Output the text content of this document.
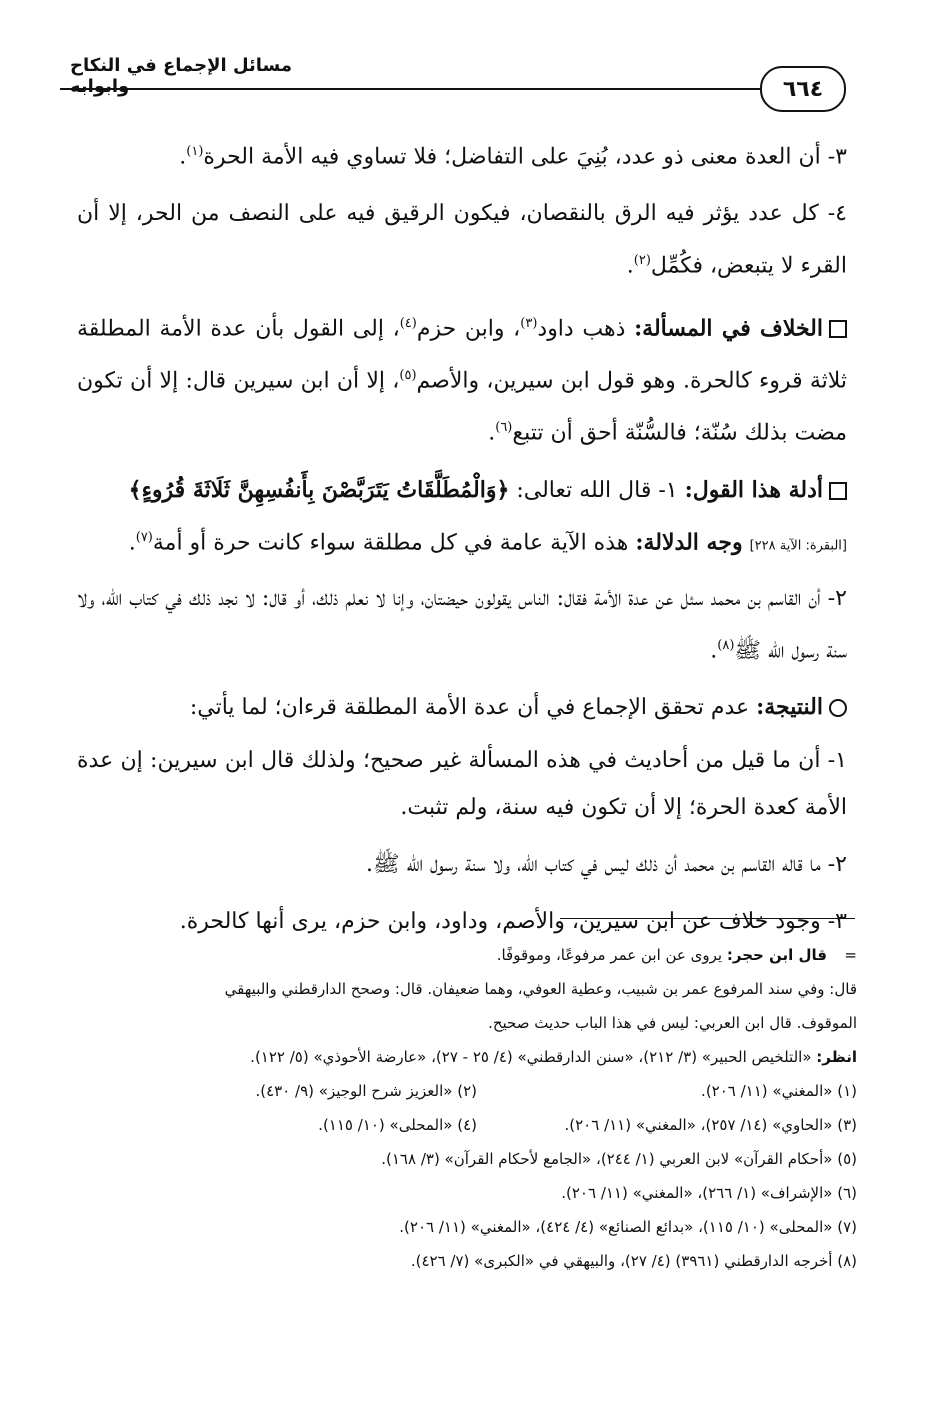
مسائل الإجماع في النكاح وابوابه	٦٦٤

٣- أن العدة معنى ذو عدد، بُنِيَ على التفاضل؛ فلا تساوي فيه الأمة الحرة$^{(١)}$.

٤- كل عدد يؤثر فيه الرق بالنقصان، فيكون الرقيق فيه على النصف من الحر، إلا أن القرء لا يتبعض، فكُمِّل$^{(٢)}$.

الخلاف في المسألة: ذهب داود$^{(٣)}$، وابن حزم$^{(٤)}$، إلى القول بأن عدة الأمة المطلقة ثلاثة قروء كالحرة. وهو قول ابن سيرين، والأصم$^{(٥)}$، إلا أن ابن سيرين قال: إلا أن تكون مضت بذلك سُنّة؛ فالسُّنّة أحق أن تتبع$^{(٦)}$.

أدلة هذا القول: ١- قال الله تعالى: ﴿وَالْمُطَلَّقَاتُ يَتَرَبَّصْنَ بِأَنفُسِهِنَّ ثَلَاثَةَ قُرُوءٍ﴾
[البقرة: الآية ٢٢٨] وجه الدلالة: هذه الآية عامة في كل مطلقة سواء كانت حرة أو أمة$^{(٧)}$.

٢- أن القاسم بن محمد سئل عن عدة الأمة فقال: الناس يقولون حيضتان، وإنا لا نعلم ذلك، أو قال: لا نجد ذلك في كتاب الله، ولا سنة رسول الله ﷺ$^{(٨)}$.

النتيجة: عدم تحقق الإجماع في أن عدة الأمة المطلقة قرءان؛ لما يأتي:

١- أن ما قيل من أحاديث في هذه المسألة غير صحيح؛ ولذلك قال ابن سيرين: إن عدة الأمة كعدة الحرة؛ إلا أن تكون فيه سنة، ولم تثبت.

٢- ما قاله القاسم بن محمد أن ذلك ليس في كتاب الله، ولا سنة رسول الله ﷺ.

٣- وجود خلاف عن ابن سيرين، والأصم، وداود، وابن حزم، يرى أنها كالحرة.

=قال ابن حجر: يروى عن ابن عمر مرفوعًا، وموقوفًا.

قال: وفي سند المرفوع عمر بن شبيب، وعطية العوفي، وهما ضعيفان. قال: وصحح الدارقطني والبيهقي

الموقوف. قال ابن العربي: ليس في هذا الباب حديث صحيح.

انظر: «التلخيص الحبير» (٣/ ٢١٢)، «سنن الدارقطني» (٤/ ٢٥ - ٢٧)، «عارضة الأحوذي» (٥/ ١٢٢).

(١) «المغني» (١١/ ٢٠٦).
(٢) «العزيز شرح الوجيز» (٩/ ٤٣٠).
(٣) «الحاوي» (١٤/ ٢٥٧)، «المغني» (١١/ ٢٠٦).
(٤) «المحلى» (١٠/ ١١٥).

(٥) «أحكام القرآن» لابن العربي (١/ ٢٤٤)، «الجامع لأحكام القرآن» (٣/ ١٦٨).

(٦) «الإشراف» (١/ ٢٦٦)، «المغني» (١١/ ٢٠٦).

(٧) «المحلى» (١٠/ ١١٥)، «بدائع الصنائع» (٤/ ٤٢٤)، «المغني» (١١/ ٢٠٦).

(٨) أخرجه الدارقطني (٣٩٦١) (٤/ ٢٧)، والبيهقي في «الكبرى» (٧/ ٤٢٦).
